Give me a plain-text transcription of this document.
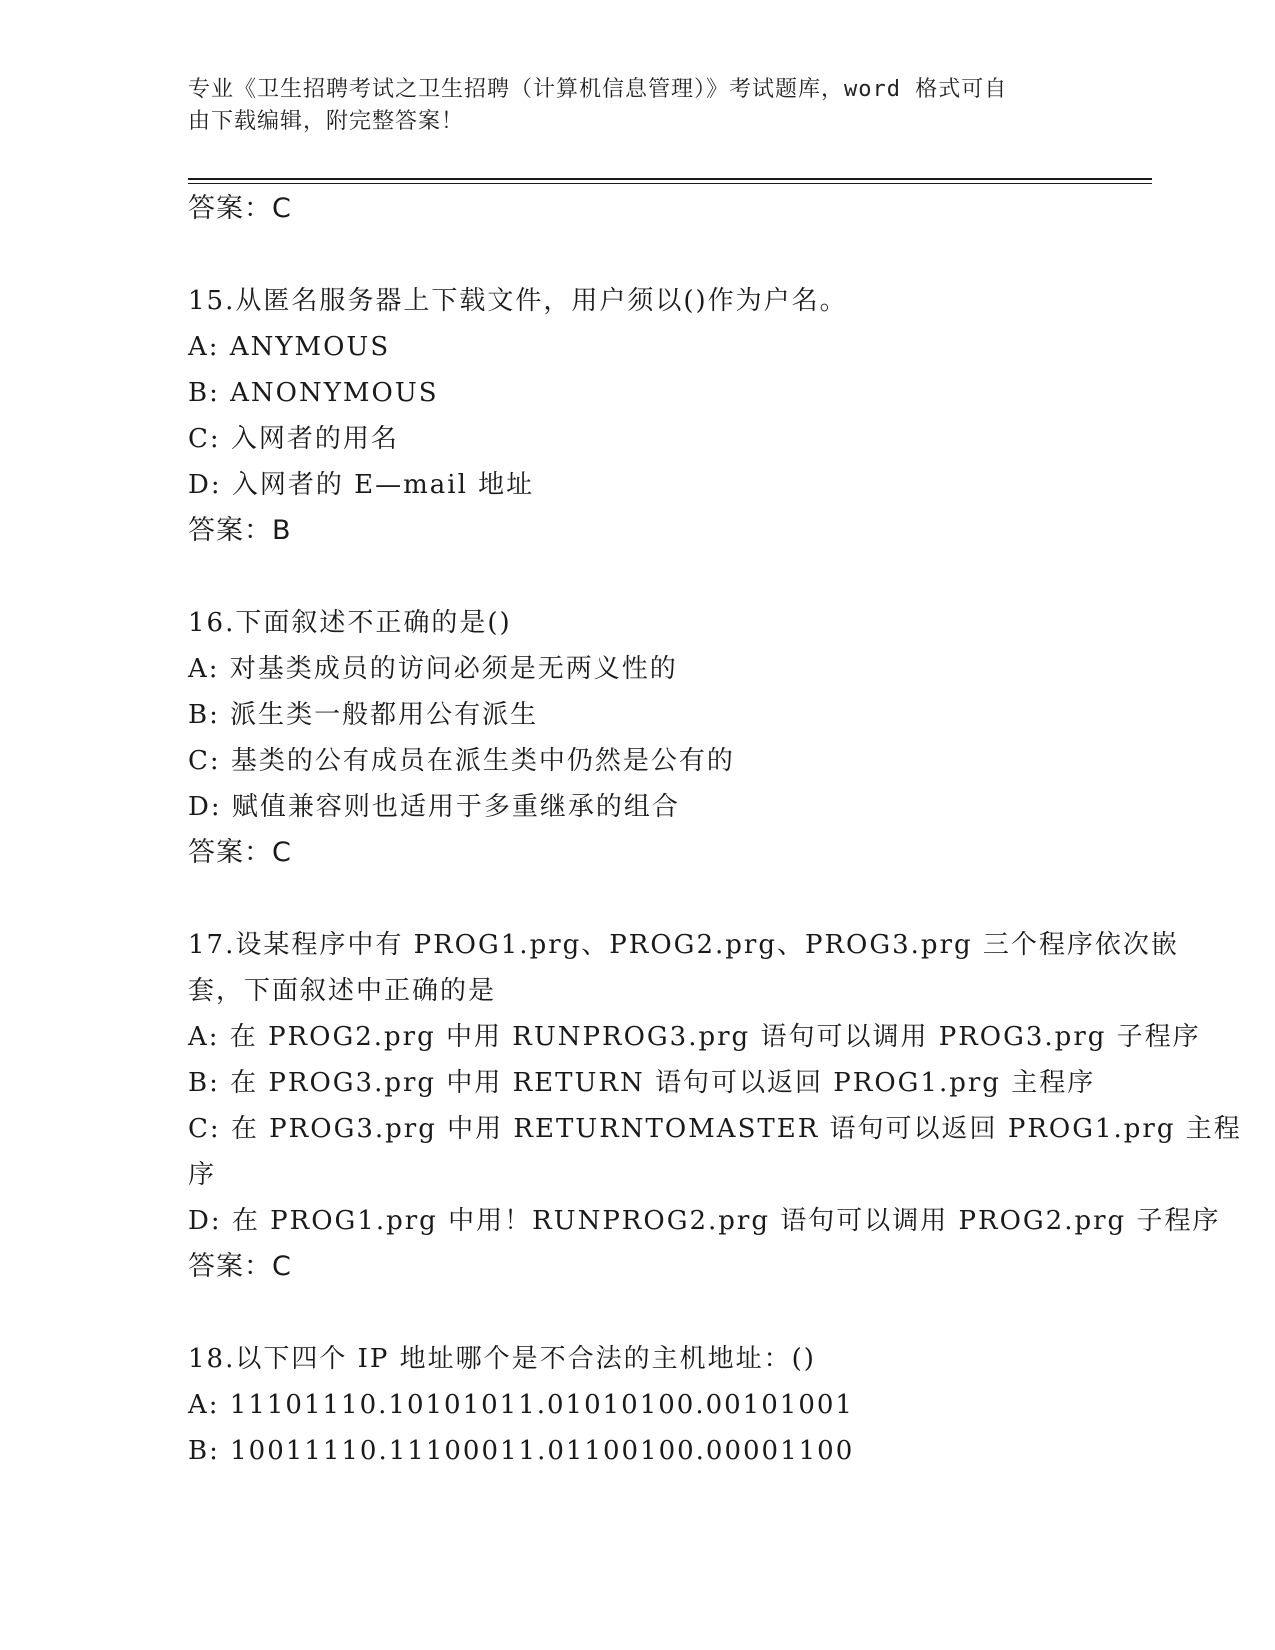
专业《卫生招聘考试之卫生招聘（计算机信息管理）》考试题库，word 格式可自
由下载编辑，附完整答案！
答案：C
15.从匿名服务器上下载文件，用户须以()作为户名。
A: ANYMOUS
B: ANONYMOUS
C: 入网者的用名
D: 入网者的 E—mail 地址
答案：B
16.下面叙述不正确的是()
A: 对基类成员的访问必须是无两义性的
B: 派生类一般都用公有派生
C: 基类的公有成员在派生类中仍然是公有的
D: 赋值兼容则也适用于多重继承的组合
答案：C
17.设某程序中有 PROG1.prg、PROG2.prg、PROG3.prg 三个程序依次嵌
套，下面叙述中正确的是
A: 在 PROG2.prg 中用 RUNPROG3.prg 语句可以调用 PROG3.prg 子程序
B: 在 PROG3.prg 中用 RETURN 语句可以返回 PROG1.prg 主程序
C: 在 PROG3.prg 中用 RETURNTOMASTER 语句可以返回 PROG1.prg 主程
序
D: 在 PROG1.prg 中用！RUNPROG2.prg 语句可以调用 PROG2.prg 子程序
答案：C
18.以下四个 IP 地址哪个是不合法的主机地址：()
A: 11101110.10101011.01010100.00101001
B: 10011110.11100011.01100100.00001100
